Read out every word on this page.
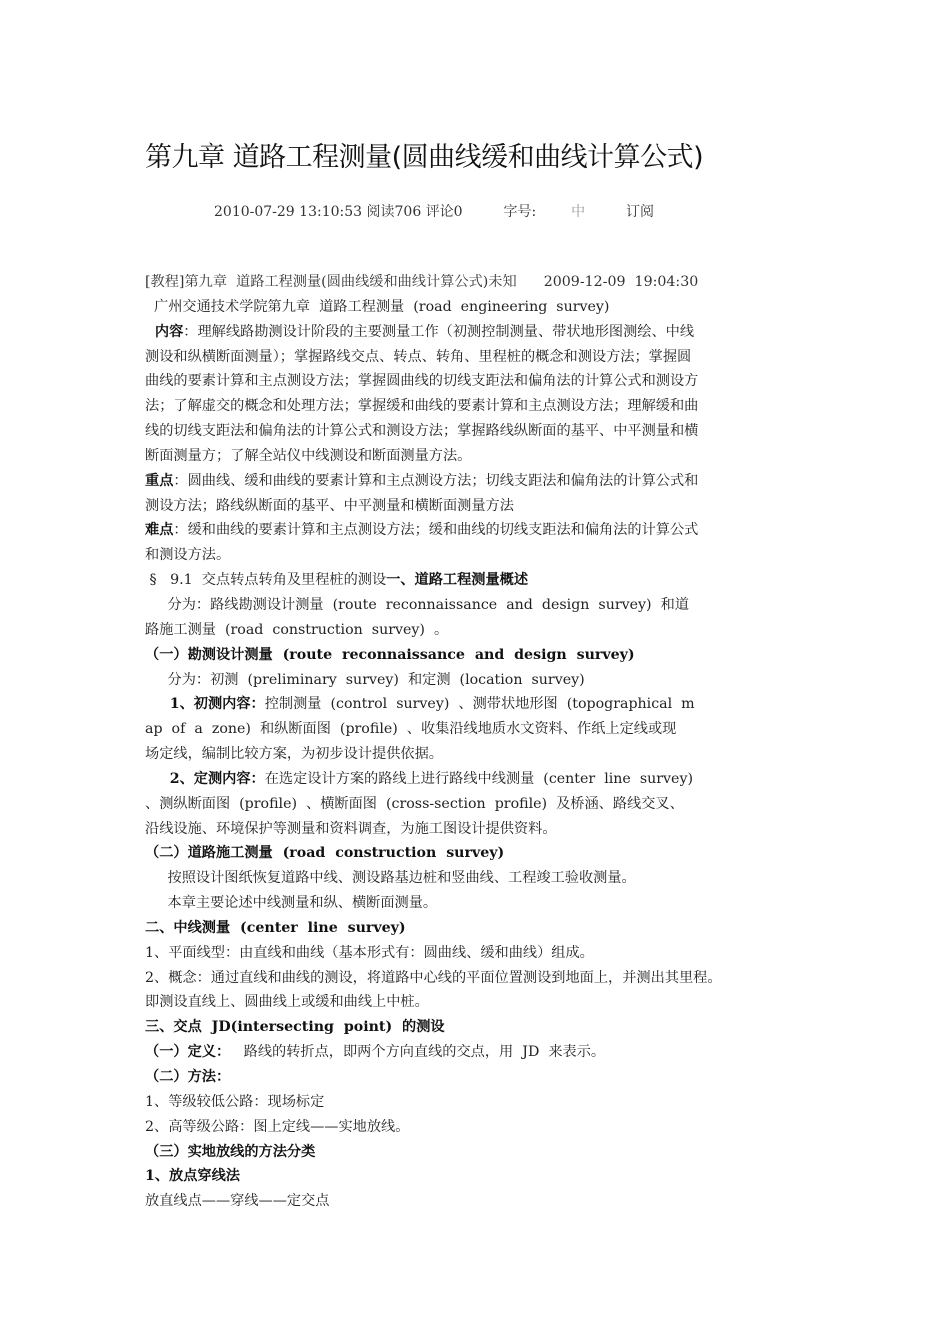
第九章 道路工程测量(圆曲线缓和曲线计算公式)
2010-07-29 13:10:53 阅读706 评论0	字号: 中	订阅
[教程]第九章  道路工程测量(圆曲线缓和曲线计算公式)未知      2009-12-09  19:04:30
广州交通技术学院第九章  道路工程测量  (road  engineering  survey)
内容：理解线路勘测设计阶段的主要测量工作（初测控制测量、带状地形图测绘、中线
测设和纵横断面测量）；掌握路线交点、转点、转角、里程桩的概念和测设方法；掌握圆
曲线的要素计算和主点测设方法；掌握圆曲线的切线支距法和偏角法的计算公式和测设方
法；了解虚交的概念和处理方法；掌握缓和曲线的要素计算和主点测设方法；理解缓和曲
线的切线支距法和偏角法的计算公式和测设方法；掌握路线纵断面的基平、中平测量和横
断面测量方；了解全站仪中线测设和断面测量方法。
重点：圆曲线、缓和曲线的要素计算和主点测设方法；切线支距法和偏角法的计算公式和
测设方法；路线纵断面的基平、中平测量和横断面测量方法
难点：缓和曲线的要素计算和主点测设方法；缓和曲线的切线支距法和偏角法的计算公式
和测设方法。
§   9.1  交点转点转角及里程桩的测设一、道路工程测量概述
分为：路线勘测设计测量  (route  reconnaissance  and  design  survey)  和道
路施工测量  (road  construction  survey)  。
（一）勘测设计测量  (route  reconnaissance  and  design  survey)
分为：初测  (preliminary  survey)  和定测  (location  survey)
1、初测内容：控制测量  (control  survey)  、测带状地形图  (topographical  m
ap  of  a  zone)  和纵断面图  (profile)  、收集沿线地质水文资料、作纸上定线或现
场定线，编制比较方案，为初步设计提供依据。
2、定测内容：在选定设计方案的路线上进行路线中线测量  (center  line  survey)
、测纵断面图  (profile)  、横断面图  (cross-section  profile)  及桥涵、路线交叉、
沿线设施、环境保护等测量和资料调查，为施工图设计提供资料。
（二）道路施工测量  (road  construction  survey)
按照设计图纸恢复道路中线、测设路基边桩和竖曲线、工程竣工验收测量。
本章主要论述中线测量和纵、横断面测量。
二、中线测量  (center  line  survey)
1、平面线型：由直线和曲线（基本形式有：圆曲线、缓和曲线）组成。
2、概念：通过直线和曲线的测设，将道路中心线的平面位置测设到地面上，并测出其里程。
即测设直线上、圆曲线上或缓和曲线上中桩。
三、交点  JD(intersecting  point)  的测设
（一）定义：   路线的转折点，即两个方向直线的交点，用  JD  来表示。
（二）方法：
1、等级较低公路：现场标定
2、高等级公路：图上定线——实地放线。
（三）实地放线的方法分类
1、放点穿线法
放直线点——穿线——定交点
